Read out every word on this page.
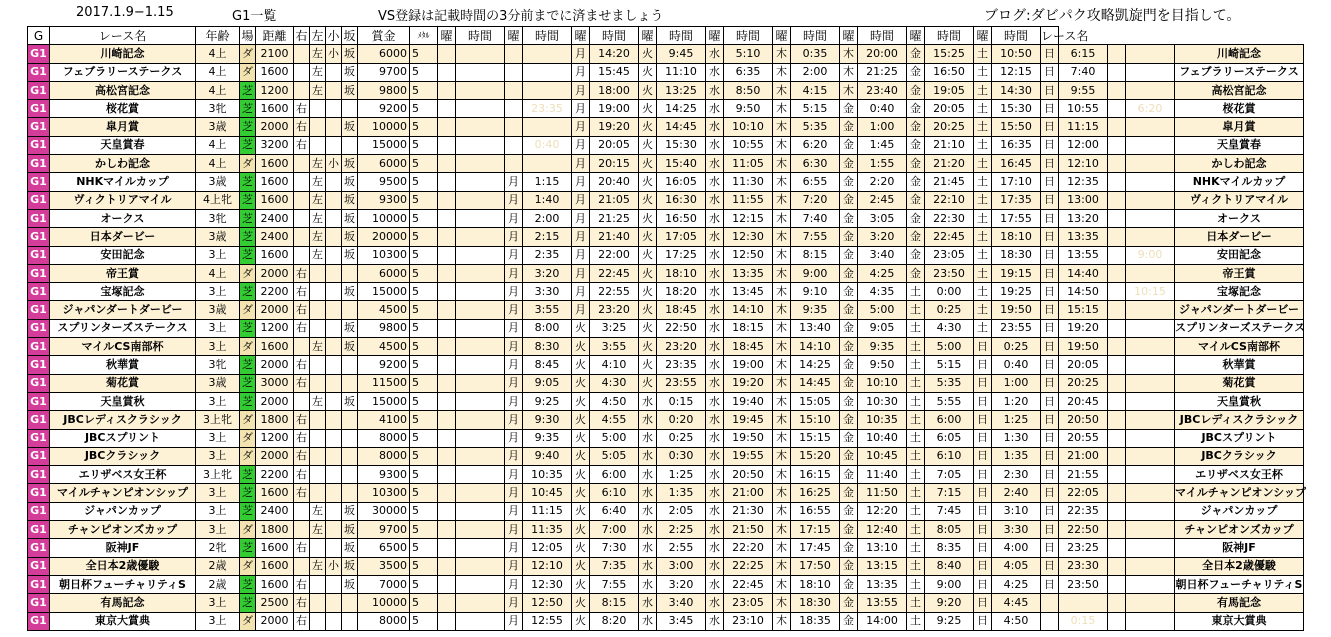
2017.1.9−1.15	G1一覧	VS登録は記載時間の3分前までに済ませましょう	ブログ:ダビパク攻略凱旋門を目指して。
G	レース名	年齢	場	距離	右	左	小	坂	賞金	ﾒﾀﾙ	曜	時間	曜	時間	曜	時間	曜	時間	曜	時間	曜	時間	曜	時間	曜	時間	曜	時間	レース名				
G1	川崎記念	4上	ダ	2100		左	小	坂	6000	5					月	14:20	火	9:45	水	5:10	木	0:35	木	20:00	金	15:25	土	10:50	日	6:15			川崎記念
G1	フェブラリーステークス	4上	ダ	1600		左		坂	9700	5					月	15:45	火	11:10	水	6:35	木	2:00	木	21:25	金	16:50	土	12:15	日	7:40			フェブラリーステークス
G1	高松宮記念	4上	芝	1200		左		坂	9800	5					月	18:00	火	13:25	水	8:50	木	4:15	木	23:40	金	19:05	土	14:30	日	9:55			高松宮記念
G1	桜花賞	3牝	芝	1600	右				9200	5				23:35	月	19:00	火	14:25	水	9:50	木	5:15	金	0:40	金	20:05	土	15:30	日	10:55		6:20	桜花賞
G1	皐月賞	3歳	芝	2000	右			坂	10000	5					月	19:20	火	14:45	水	10:10	木	5:35	金	1:00	金	20:25	土	15:50	日	11:15			皐月賞
G1	天皇賞春	4上	芝	3200	右				15000	5				0:40	月	20:05	火	15:30	水	10:55	木	6:20	金	1:45	金	21:10	土	16:35	日	12:00			天皇賞春
G1	かしわ記念	4上	ダ	1600		左	小	坂	6000	5					月	20:15	火	15:40	水	11:05	木	6:30	金	1:55	金	21:20	土	16:45	日	12:10			かしわ記念
G1	NHKマイルカップ	3歳	芝	1600		左		坂	9500	5			月	1:15	月	20:40	火	16:05	水	11:30	木	6:55	金	2:20	金	21:45	土	17:10	日	12:35			NHKマイルカップ
G1	ヴィクトリアマイル	4上牝	芝	1600		左		坂	9300	5			月	1:40	月	21:05	火	16:30	水	11:55	木	7:20	金	2:45	金	22:10	土	17:35	日	13:00			ヴィクトリアマイル
G1	オークス	3牝	芝	2400		左		坂	10000	5			月	2:00	月	21:25	火	16:50	水	12:15	木	7:40	金	3:05	金	22:30	土	17:55	日	13:20			オークス
G1	日本ダービー	3歳	芝	2400		左		坂	20000	5			月	2:15	月	21:40	火	17:05	水	12:30	木	7:55	金	3:20	金	22:45	土	18:10	日	13:35			日本ダービー
G1	安田記念	3上	芝	1600		左		坂	10300	5			月	2:35	月	22:00	火	17:25	水	12:50	木	8:15	金	3:40	金	23:05	土	18:30	日	13:55		9:00	安田記念
G1	帝王賞	4上	ダ	2000	右				6000	5			月	3:20	月	22:45	火	18:10	水	13:35	木	9:00	金	4:25	金	23:50	土	19:15	日	14:40			帝王賞
G1	宝塚記念	3上	芝	2200	右			坂	15000	5			月	3:30	月	22:55	火	18:20	水	13:45	木	9:10	金	4:35	土	0:00	土	19:25	日	14:50		10:15	宝塚記念
G1	ジャパンダートダービー	3歳	ダ	2000	右				4500	5			月	3:55	月	23:20	火	18:45	水	14:10	木	9:35	金	5:00	土	0:25	土	19:50	日	15:15			ジャパンダートダービー
G1	スプリンターズステークス	3上	芝	1200	右			坂	9800	5			月	8:00	火	3:25	火	22:50	水	18:15	木	13:40	金	9:05	土	4:30	土	23:55	日	19:20			スプリンターズステークス
G1	マイルCS南部杯	3上	ダ	1600		左		坂	4500	5			月	8:30	火	3:55	火	23:20	水	18:45	木	14:10	金	9:35	土	5:00	日	0:25	日	19:50			マイルCS南部杯
G1	秋華賞	3牝	芝	2000	右				9200	5			月	8:45	火	4:10	火	23:35	水	19:00	木	14:25	金	9:50	土	5:15	日	0:40	日	20:05			秋華賞
G1	菊花賞	3歳	芝	3000	右				11500	5			月	9:05	火	4:30	火	23:55	水	19:20	木	14:45	金	10:10	土	5:35	日	1:00	日	20:25			菊花賞
G1	天皇賞秋	3上	芝	2000		左		坂	15000	5			月	9:25	火	4:50	水	0:15	水	19:40	木	15:05	金	10:30	土	5:55	日	1:20	日	20:45			天皇賞秋
G1	JBCレディスクラシック	3上牝	ダ	1800	右				4100	5			月	9:30	火	4:55	水	0:20	水	19:45	木	15:10	金	10:35	土	6:00	日	1:25	日	20:50			JBCレディスクラシック
G1	JBCスプリント	3上	ダ	1200	右				8000	5			月	9:35	火	5:00	水	0:25	水	19:50	木	15:15	金	10:40	土	6:05	日	1:30	日	20:55			JBCスプリント
G1	JBCクラシック	3上	ダ	2000	右				8000	5			月	9:40	火	5:05	水	0:30	水	19:55	木	15:20	金	10:45	土	6:10	日	1:35	日	21:00			JBCクラシック
G1	エリザベス女王杯	3上牝	芝	2200	右				9300	5			月	10:35	火	6:00	水	1:25	水	20:50	木	16:15	金	11:40	土	7:05	日	2:30	日	21:55			エリザベス女王杯
G1	マイルチャンピオンシップ	3上	芝	1600	右				10300	5			月	10:45	火	6:10	水	1:35	水	21:00	木	16:25	金	11:50	土	7:15	日	2:40	日	22:05			マイルチャンピオンシップ
G1	ジャパンカップ	3上	芝	2400		左		坂	30000	5			月	11:15	火	6:40	水	2:05	水	21:30	木	16:55	金	12:20	土	7:45	日	3:10	日	22:35			ジャパンカップ
G1	チャンピオンズカップ	3上	ダ	1800		左		坂	9700	5			月	11:35	火	7:00	水	2:25	水	21:50	木	17:15	金	12:40	土	8:05	日	3:30	日	22:50			チャンピオンズカップ
G1	阪神JF	2牝	芝	1600	右			坂	6500	5			月	12:05	火	7:30	水	2:55	水	22:20	木	17:45	金	13:10	土	8:35	日	4:00	日	23:25			阪神JF
G1	全日本2歳優駿	2歳	ダ	1600		左	小	坂	3500	5			月	12:10	火	7:35	水	3:00	水	22:25	木	17:50	金	13:15	土	8:40	日	4:05	日	23:30			全日本2歳優駿
G1	朝日杯フューチャリティS	2歳	芝	1600	右			坂	7000	5			月	12:30	火	7:55	水	3:20	水	22:45	木	18:10	金	13:35	土	9:00	日	4:25	日	23:50			朝日杯フューチャリティS
G1	有馬記念	3上	芝	2500	右				10000	5			月	12:50	火	8:15	水	3:40	水	23:05	木	18:30	金	13:55	土	9:20	日	4:45					有馬記念
G1	東京大賞典	3上	ダ	2000	右				8000	5			月	12:55	火	8:20	水	3:45	水	23:10	木	18:35	金	14:00	土	9:25	日	4:50		0:15			東京大賞典
